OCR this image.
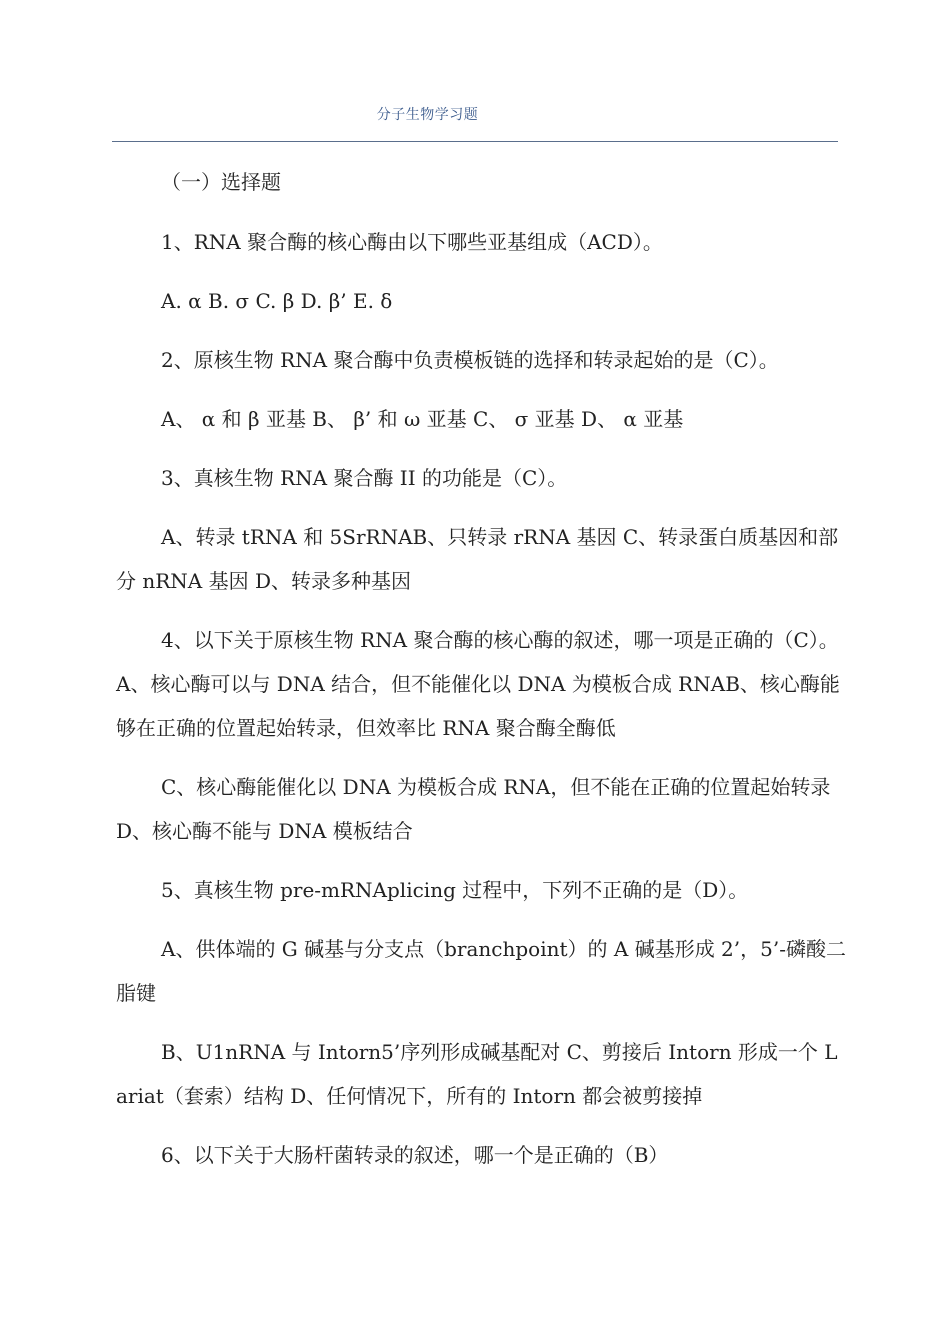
分子生物学习题

（一）选择题

1、RNA 聚合酶的核心酶由以下哪些亚基组成（ACD）。

A. α B. σ C. β D. β’ E. δ

2、原核生物 RNA 聚合酶中负责模板链的选择和转录起始的是（C）。

A、 α 和 β 亚基 B、 β’ 和 ω 亚基 C、 σ 亚基 D、 α 亚基

3、真核生物 RNA 聚合酶 II 的功能是（C）。

A、转录 tRNA 和 5SrRNAB、只转录 rRNA 基因 C、转录蛋白质基因和部分 nRNA 基因 D、转录多种基因

4、以下关于原核生物 RNA 聚合酶的核心酶的叙述，哪一项是正确的（C）。A、核心酶可以与 DNA 结合，但不能催化以 DNA 为模板合成 RNAB、核心酶能够在正确的位置起始转录，但效率比 RNA 聚合酶全酶低

C、核心酶能催化以 DNA 为模板合成 RNA，但不能在正确的位置起始转录 D、核心酶不能与 DNA 模板结合

5、真核生物 pre-mRNAplicing 过程中，下列不正确的是（D）。

A、供体端的 G 碱基与分支点（branchpoint）的 A 碱基形成 2’，5’-磷酸二脂键

B、U1nRNA 与 Intorn5’序列形成碱基配对 C、剪接后 Intorn 形成一个 Lariat（套索）结构 D、任何情况下，所有的 Intorn 都会被剪接掉

6、以下关于大肠杆菌转录的叙述，哪一个是正确的（B）
